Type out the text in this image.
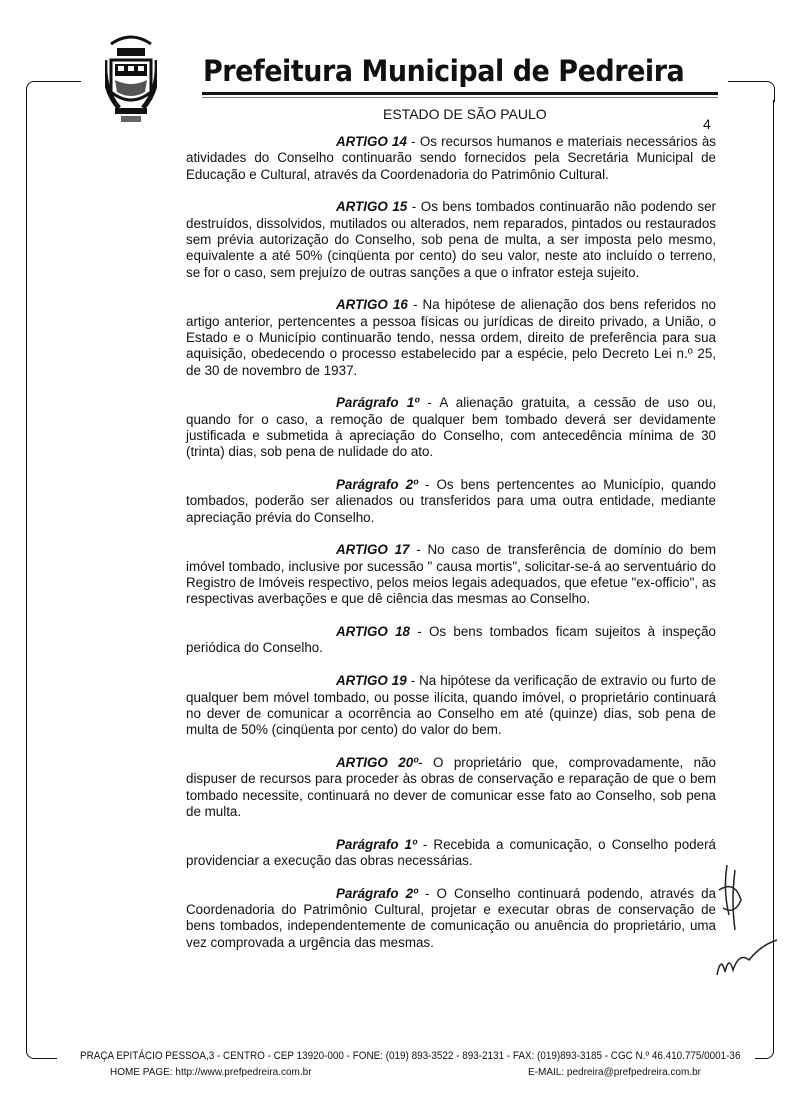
Prefeitura Municipal de Pedreira
ESTADO DE SÃO PAULO
4

ARTIGO 14 - Os recursos humanos e materiais necessários às atividades do Conselho continuarão sendo fornecidos pela Secretária Municipal de Educação e Cultural, através da Coordenadoria do Patrimônio Cultural.

ARTIGO 15 - Os bens tombados continuarão não podendo ser destruídos, dissolvidos, mutilados ou alterados, nem reparados, pintados ou restaurados sem prévia autorização do Conselho, sob pena de multa, a ser imposta pelo mesmo, equivalente a até 50% (cinqüenta por cento) do seu valor, neste ato incluído o terreno, se for o caso, sem prejuízo de outras sanções a que o infrator esteja sujeito.

ARTIGO 16 - Na hipótese de alienação dos bens referidos no artigo anterior, pertencentes a pessoa físicas ou jurídicas de direito privado, a União, o Estado e o Município continuarão tendo, nessa ordem, direito de preferência para sua aquisição, obedecendo o processo estabelecido par a espécie, pelo Decreto Lei n.º 25, de 30 de novembro de 1937.

Parágrafo 1º - A alienação gratuita, a cessão de uso ou, quando for o caso, a remoção de qualquer bem tombado deverá ser devidamente justificada e submetida à apreciação do Conselho, com antecedência mínima de 30 (trinta) dias, sob pena de nulidade do ato.

Parágrafo 2º - Os bens pertencentes ao Município, quando tombados, poderão ser alienados ou transferidos para uma outra entidade, mediante apreciação prévia do Conselho.

ARTIGO 17 - No caso de transferência de domínio do bem imóvel tombado, inclusive por sucessão " causa mortis", solicitar-se-á ao serventuário do Registro de Imóveis respectivo, pelos meios legais adequados, que efetue "ex-officio", as respectivas averbações e que dê ciência das mesmas ao Conselho.

ARTIGO 18 - Os bens tombados ficam sujeitos à inspeção periódica do Conselho.

ARTIGO 19 - Na hipótese da verificação de extravio ou furto de qualquer bem móvel tombado, ou posse ilícita, quando imóvel, o proprietário continuará no dever de comunicar a ocorrência ao Conselho em até (quinze) dias, sob pena de multa de 50% (cinqüenta por cento) do valor do bem.

ARTIGO 20º- O proprietário que, comprovadamente, não dispuser de recursos para proceder às obras de conservação e reparação de que o bem tombado necessite, continuará no dever de comunicar esse fato ao Conselho, sob pena de multa.

Parágrafo 1º - Recebida a comunicação, o Conselho poderá providenciar a execução das obras necessárias.

Parágrafo 2º - O Conselho continuará podendo, através da Coordenadoria do Patrimônio Cultural, projetar e executar obras de conservação de bens tombados, independentemente de comunicação ou anuência do proprietário, uma vez comprovada a urgência das mesmas.

PRAÇA EPITÁCIO PESSOA,3 - CENTRO - CEP 13920-000 - FONE: (019) 893-3522 - 893-2131 - FAX: (019)893-3185 - CGC N.º 46.410.775/0001-36
HOME PAGE: http://www.prefpedreira.com.br	E-MAIL: pedreira@prefpedreira.com.br
